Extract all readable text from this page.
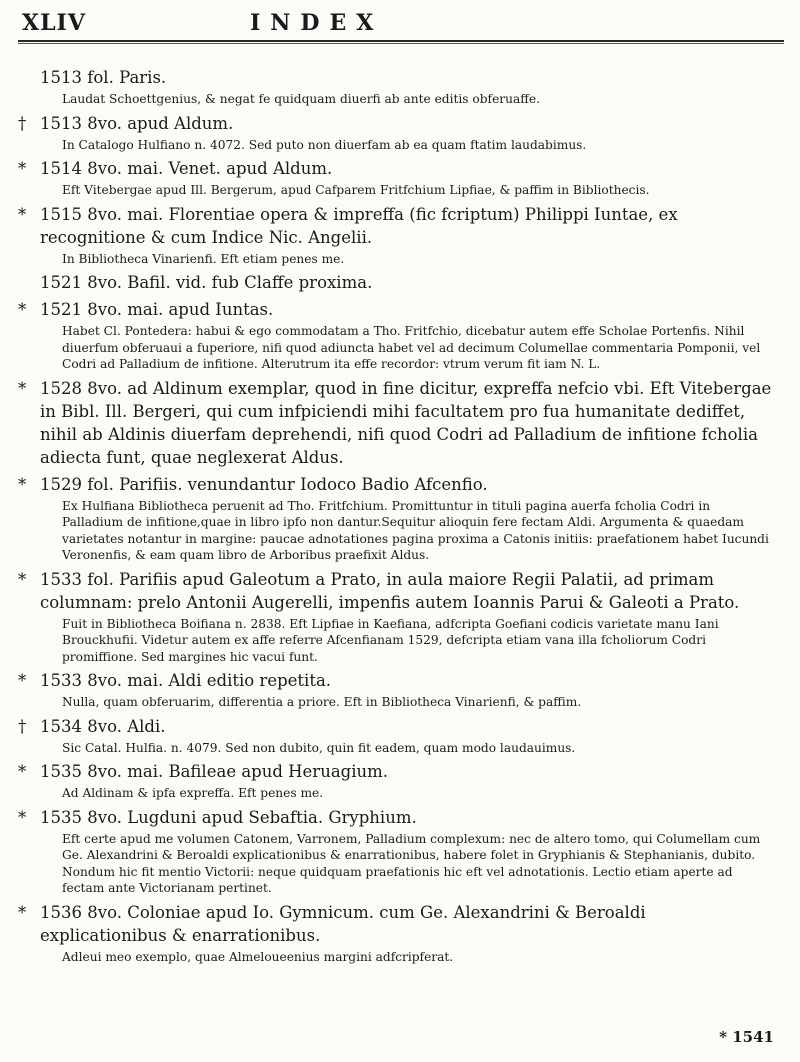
XLIV	INDEX
1513 fol. Paris.
Laudat Schoettgenius, & negat fe quidquam diuerfi ab ante editis obferuaffe.
† 1513 8vo. apud Aldum.
In Catalogo Hulfiano n. 4072. Sed puto non diuerfam ab ea quam ftatim laudabimus.
* 1514 8vo. mai. Venet. apud Aldum.
Eft Vitebergae apud Ill. Bergerum, apud Cafparem Fritfchium Lipfiae, & paffim in Bibliothecis.
* 1515 8vo. mai. Florentiae opera & impreffa (fic fcriptum) Philippi Iuntae, ex recognitione & cum Indice Nic. Angelii.
In Bibliotheca Vinarienfi. Eft etiam penes me.
1521 8vo. Bafil. vid. fub Claffe proxima.
* 1521 8vo. mai. apud Iuntas.
Habet Cl. Pontedera: habui & ego commodatam a Tho. Fritfchio, dicebatur autem effe Scholae Portenfis. Nihil diuerfum obferuaui a fuperiore, nifi quod adiuncta habet vel ad decimum Columellae commentaria Pomponii, vel Codri ad Palladium de infitione. Alterutrum ita effe recordor: vtrum verum fit iam N. L.
* 1528 8vo. ad Aldinum exemplar, quod in fine dicitur, expreffa nefcio vbi. Eft Vitebergae in Bibl. Ill. Bergeri, qui cum infpiciendi mihi facultatem pro fua humanitate dediffet, nihil ab Aldinis diuerfam deprehendi, nifi quod Codri ad Palladium de infitione fcholia adiecta funt, quae neglexerat Aldus.
* 1529 fol. Parifiis. venundantur Iodoco Badio Afcenfio.
Ex Hulfiana Bibliotheca peruenit ad Tho. Fritfchium. Promittuntur in tituli pagina auerfa fcholia Codri in Palladium de infitione,quae in libro ipfo non dantur.Sequitur alioquin fere fectam Aldi. Argumenta & quaedam varietates notantur in margine: paucae adnotationes pagina proxima a Catonis initiis: praefationem habet Iucundi Veronenfis, & eam quam libro de Arboribus praefixit Aldus.
* 1533 fol. Parifiis apud Galeotum a Prato, in aula maiore Regii Palatii, ad primam columnam: prelo Antonii Augerelli, impenfis autem Ioannis Parui & Galeoti a Prato.
Fuit in Bibliotheca Boifiana n. 2838. Eft Lipfiae in Kaefiana, adfcripta Goefiani codicis varietate manu Iani Brouckhufii. Videtur autem ex affe referre Afcenfianam 1529, defcripta etiam vana illa fcholiorum Codri promiffione. Sed margines hic vacui funt.
* 1533 8vo. mai. Aldi editio repetita.
Nulla, quam obferuarim, differentia a priore. Eft in Bibliotheca Vinarienfi, & paffim.
† 1534 8vo. Aldi.
Sic Catal. Hulfia. n. 4079. Sed non dubito, quin fit eadem, quam modo laudauimus.
* 1535 8vo. mai. Bafileae apud Heruagium.
Ad Aldinam & ipfa expreffa. Eft penes me.
* 1535 8vo. Lugduni apud Sebaftia. Gryphium.
Eft certe apud me volumen Catonem, Varronem, Palladium complexum: nec de altero tomo, qui Columellam cum Ge. Alexandrini & Beroaldi explicationibus & enarrationibus, habere folet in Gryphianis & Stephanianis, dubito. Nondum hic fit mentio Victorii: neque quidquam praefationis hic eft vel adnotationis. Lectio etiam aperte ad fectam ante Victorianam pertinet.
* 1536 8vo. Coloniae apud Io. Gymnicum. cum Ge. Alexandrini & Beroaldi explicationibus & enarrationibus.
Adleui meo exemplo, quae Almeloueenius margini adfcripferat.
* 1541
